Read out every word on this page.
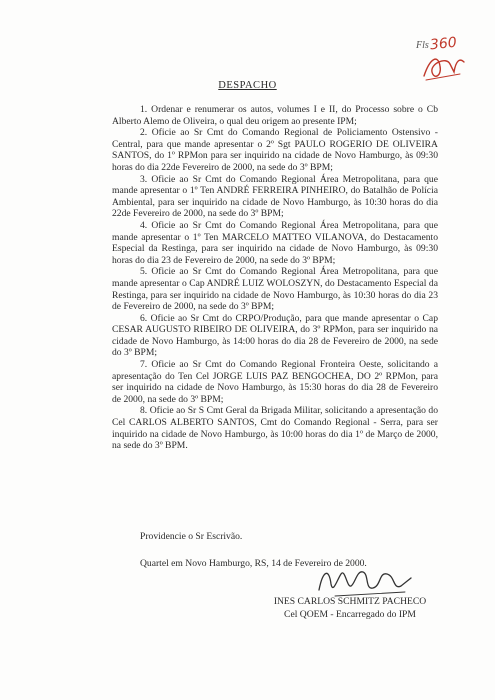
Fls 360
DESPACHO

1. Ordenar e renumerar os autos, volumes I e II, do Processo sobre o Cb Alberto Alemo de Oliveira, o qual deu origem ao presente IPM;

2. Oficie ao Sr Cmt do Comando Regional de Policiamento Ostensivo - Central, para que mande apresentar o 2º Sgt PAULO ROGERIO DE OLIVEIRA SANTOS, do 1º RPMon para ser inquirido na cidade de Novo Hamburgo, às 09:30 horas do dia 22de Fevereiro de 2000, na sede do 3º BPM;

3. Oficie ao Sr Cmt do Comando Regional Área Metropolitana, para que mande apresentar o 1º Ten ANDRÉ FERREIRA PINHEIRO, do Batalhão de Polícia Ambiental, para ser inquirido na cidade de Novo Hamburgo, às 10:30 horas do dia 22de Fevereiro de 2000, na sede do 3º BPM;

4. Oficie ao Sr Cmt do Comando Regional Área Metropolitana, para que mande apresentar o 1º Ten MARCELO MATTEO VILANOVA, do Destacamento Especial da Restinga, para ser inquirido na cidade de Novo Hamburgo, às 09:30 horas do dia 23 de Fevereiro de 2000, na sede do 3º BPM;

5. Oficie ao Sr Cmt do Comando Regional Área Metropolitana, para que mande apresentar o Cap ANDRÉ LUIZ WOLOSZYN, do Destacamento Especial da Restinga, para ser inquirido na cidade de Novo Hamburgo, às 10:30 horas do dia 23 de Fevereiro de 2000, na sede do 3º BPM;

6. Oficie ao Sr Cmt do CRPO/Produção, para que mande apresentar o Cap CESAR AUGUSTO RIBEIRO DE OLIVEIRA, do 3º RPMon, para ser inquirido na cidade de Novo Hamburgo, às 14:00 horas do dia 28 de Fevereiro de 2000, na sede do 3º BPM;

7. Oficie ao Sr Cmt do Comando Regional Fronteira Oeste, solicitando a apresentação do Ten Cel JORGE LUIS PAZ BENGOCHEA, DO 2º RPMon, para ser inquirido na cidade de Novo Hamburgo, às 15:30 horas do dia 28 de Fevereiro de 2000, na sede do 3º BPM;

8. Oficie ao Sr S Cmt Geral da Brigada Militar, solicitando a apresentação do Cel CARLOS ALBERTO SANTOS, Cmt do Comando Regional - Serra, para ser inquirido na cidade de Novo Hamburgo, às 10:00 horas do dia 1º de Março de 2000, na sede do 3º BPM.

Providencie o Sr Escrivão.
Quartel em Novo Hamburgo, RS, 14 de Fevereiro de 2000.
INES CARLOS SCHMITZ PACHECO
Cel QOEM - Encarregado do IPM
